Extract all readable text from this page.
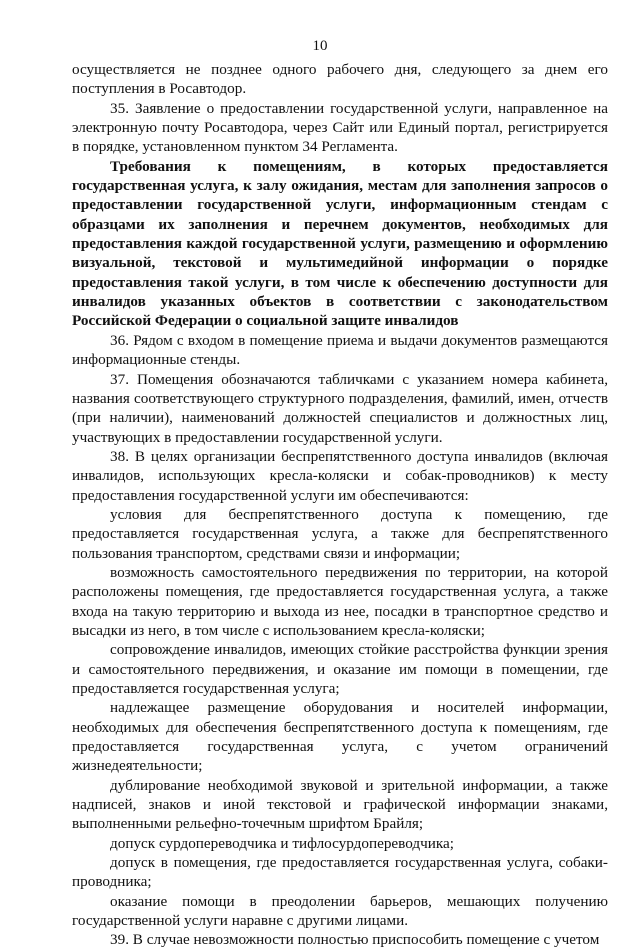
10

осуществляется не позднее одного рабочего дня, следующего за днем его поступления в Росавтодор.

35. Заявление о предоставлении государственной услуги, направленное на электронную почту Росавтодора, через Сайт или Единый портал, регистрируется в порядке, установленном пунктом 34 Регламента.

Требования к помещениям, в которых предоставляется государственная услуга, к залу ожидания, местам для заполнения запросов о предоставлении государственной услуги, информационным стендам с образцами их заполнения и перечнем документов, необходимых для предоставления каждой государственной услуги, размещению и оформлению визуальной, текстовой и мультимедийной информации о порядке предоставления такой услуги, в том числе к обеспечению доступности для инвалидов указанных объектов в соответствии с законодательством Российской Федерации о социальной защите инвалидов

36. Рядом с входом в помещение приема и выдачи документов размещаются информационные стенды.

37. Помещения обозначаются табличками с указанием номера кабинета, названия соответствующего структурного подразделения, фамилий, имен, отчеств (при наличии), наименований должностей специалистов и должностных лиц, участвующих в предоставлении государственной услуги.

38. В целях организации беспрепятственного доступа инвалидов (включая инвалидов, использующих кресла-коляски и собак-проводников) к месту предоставления государственной услуги им обеспечиваются:

условия для беспрепятственного доступа к помещению, где предоставляется государственная услуга, а также для беспрепятственного пользования транспортом, средствами связи и информации;

возможность самостоятельного передвижения по территории, на которой расположены помещения, где предоставляется государственная услуга, а также входа на такую территорию и выхода из нее, посадки в транспортное средство и высадки из него, в том числе с использованием кресла-коляски;

сопровождение инвалидов, имеющих стойкие расстройства функции зрения и самостоятельного передвижения, и оказание им помощи в помещении, где предоставляется государственная услуга;

надлежащее размещение оборудования и носителей информации, необходимых для обеспечения беспрепятственного доступа к помещениям, где предоставляется государственная услуга, с учетом ограничений жизнедеятельности;

дублирование необходимой звуковой и зрительной информации, а также надписей, знаков и иной текстовой и графической информации знаками, выполненными рельефно-точечным шрифтом Брайля;

допуск сурдопереводчика и тифлосурдопереводчика;

допуск в помещения, где предоставляется государственная услуга, собаки-проводника;

оказание помощи в преодолении барьеров, мешающих получению государственной услуги наравне с другими лицами.

39. В случае невозможности полностью приспособить помещение с учетом
